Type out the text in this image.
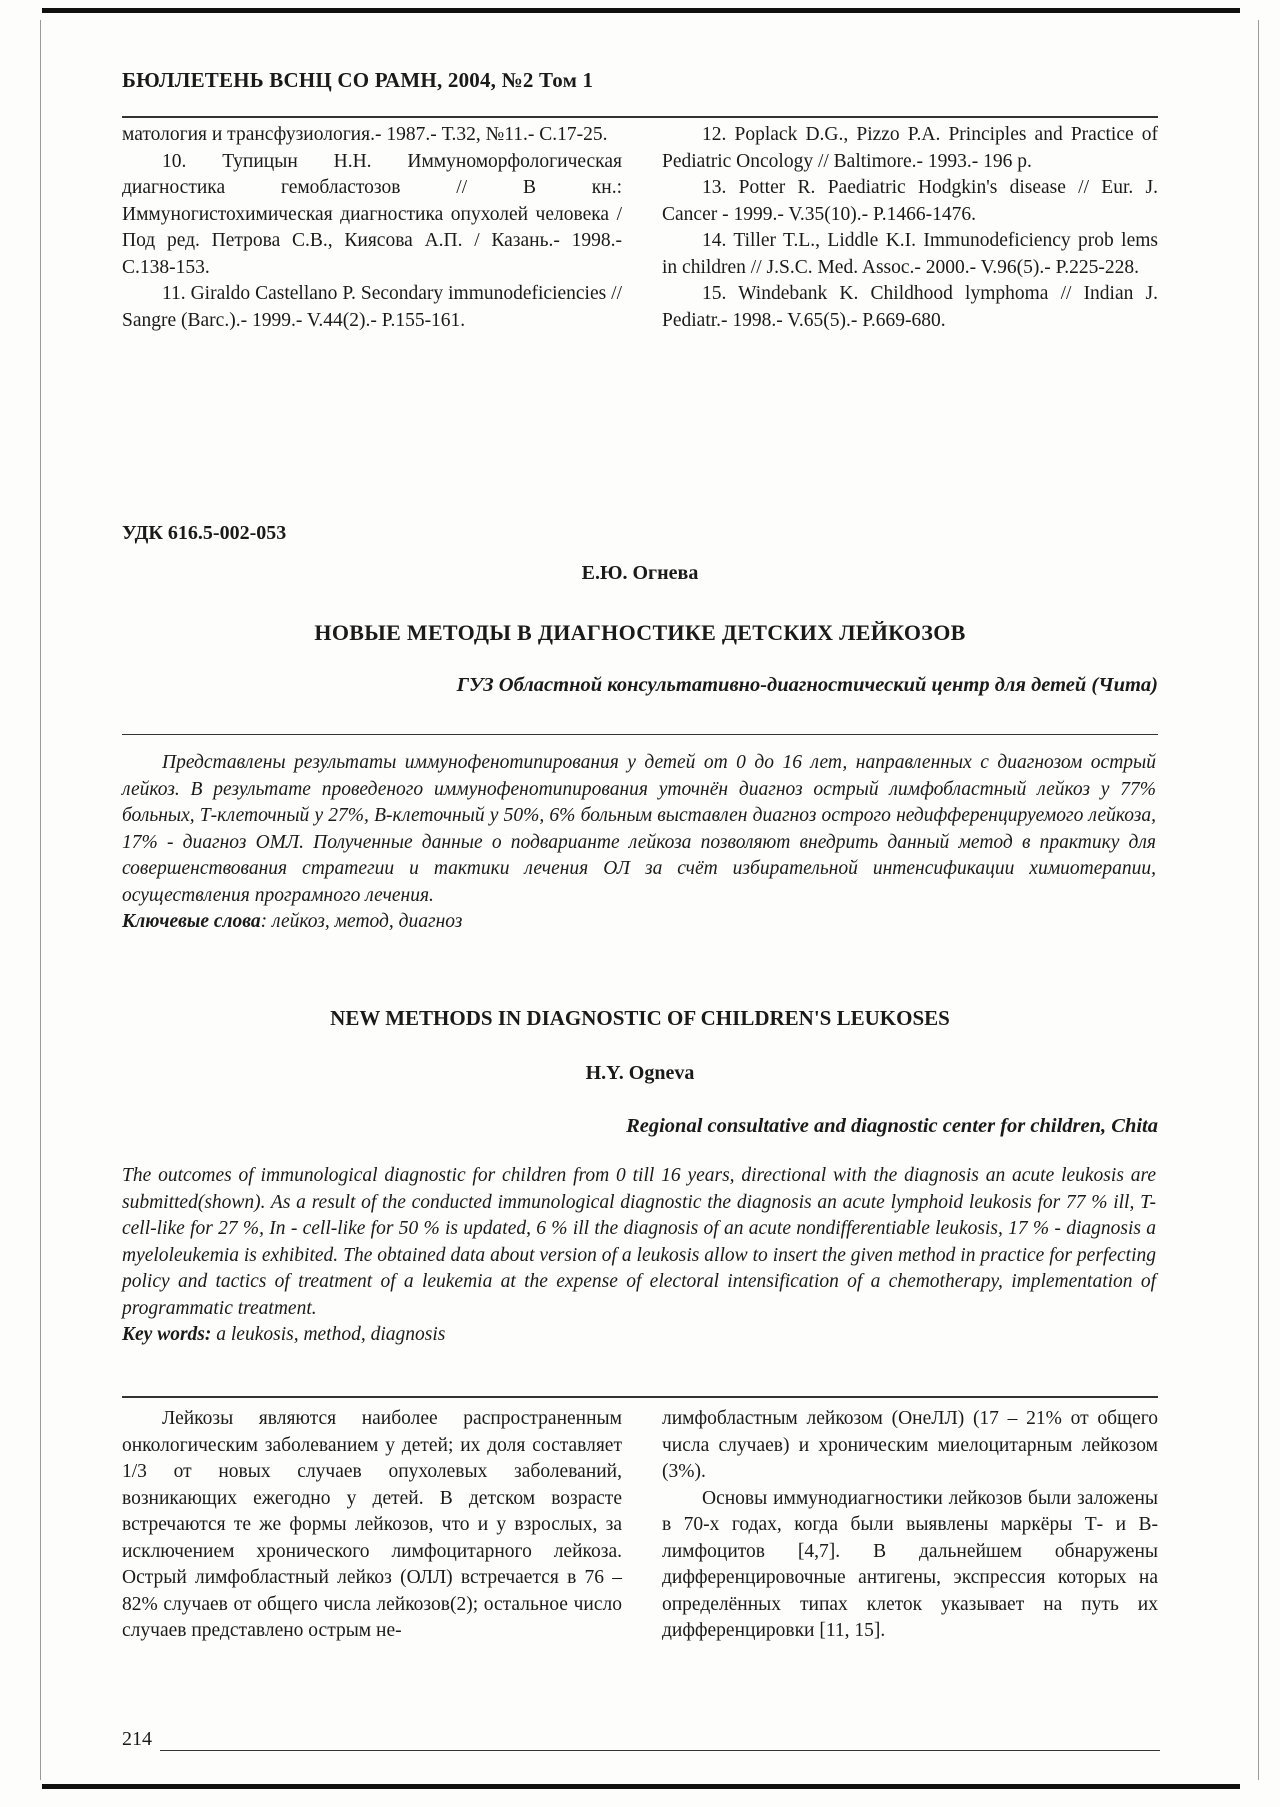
БЮЛЛЕТЕНЬ ВСНЦ СО РАМН, 2004, №2 Том 1

матология и трансфузиология.- 1987.- Т.32, №11.- С.17-25.

10. Тупицын Н.Н. Иммуноморфологическая диагностика гемобластозов // В кн.: Иммуногистохимическая диагностика опухолей человека / Под ред. Петрова С.В., Киясова А.П. / Казань.- 1998.- С.138-153.

11. Giraldo Castellano P. Secondary immunodeficiencies // Sangre (Barc.).- 1999.- V.44(2).- P.155-161.

12. Poplack D.G., Pizzo P.A. Principles and Practice of Pediatric Oncology // Baltimore.- 1993.- 196 p.

13. Potter R. Paediatric Hodgkin's disease // Eur. J. Cancer - 1999.- V.35(10).- P.1466-1476.

14. Tiller T.L., Liddle K.I. Immunodeficiency prob lems in children // J.S.C. Med. Assoc.- 2000.- V.96(5).- P.225-228.

15. Windebank K. Childhood lymphoma // Indian J. Pediatr.- 1998.- V.65(5).- P.669-680.

УДК 616.5-002-053
Е.Ю. Огнева
НОВЫЕ МЕТОДЫ В ДИАГНОСТИКЕ ДЕТСКИХ ЛЕЙКОЗОВ
ГУЗ Областной консультативно-диагностический центр для детей (Чита)

Представлены результаты иммунофенотипирования у детей от 0 до 16 лет, направленных с диагнозом острый лейкоз. В результате проведеного иммунофенотипирования уточнён диагноз острый лимфобластный лейкоз у 77% больных, Т-клеточный у 27%, В-клеточный у 50%, 6% больным выставлен диагноз острого недифференцируемого лейкоза, 17% - диагноз ОМЛ. Полученные данные о подварианте лейкоза позволяют внедрить данный метод в практику для совершенствования стратегии и тактики лечения ОЛ за счёт избирательной интенсификации химиотерапии, осуществления програмного лечения.

Ключевые слова: лейкоз, метод, диагноз

NEW METHODS IN DIAGNOSTIC OF CHILDREN'S LEUKOSES
H.Y. Ogneva
Regional consultative and diagnostic center for children, Chita

The outcomes of immunological diagnostic for children from 0 till 16 years, directional with the diagnosis an acute leukosis are submitted(shown). As a result of the conducted immunological diagnostic the diagnosis an acute lymphoid leukosis for 77 % ill, T-cell-like for 27 %, In - cell-like for 50 % is updated, 6 % ill the diagnosis of an acute nondifferentiable leukosis, 17 % - diagnosis a myeloleukemia is exhibited. The obtained data about version of a leukosis allow to insert the given method in practice for perfecting policy and tactics of treatment of a leukemia at the expense of electoral intensification of a chemotherapy, implementation of programmatic treatment.

Key words: a leukosis, method, diagnosis

Лейкозы являются наиболее распространенным онкологическим заболеванием у детей; их доля составляет 1/3 от новых случаев опухолевых заболеваний, возникающих ежегодно у детей. В детском возрасте встречаются те же формы лейкозов, что и у взрослых, за исключением хронического лимфоцитарного лейкоза. Острый лимфобластный лейкоз (ОЛЛ) встречается в 76 – 82% случаев от общего числа лейкозов(2); остальное число случаев представлено острым не-

лимфобластным лейкозом (ОнеЛЛ) (17 – 21% от общего числа случаев) и хроническим миелоцитарным лейкозом (3%).

Основы иммунодиагностики лейкозов были заложены в 70-х годах, когда были выявлены маркёры Т- и В-лимфоцитов [4,7]. В дальнейшем обнаружены дифференцировочные антигены, экспрессия которых на определённых типах клеток указывает на путь их дифференцировки [11, 15].

214
